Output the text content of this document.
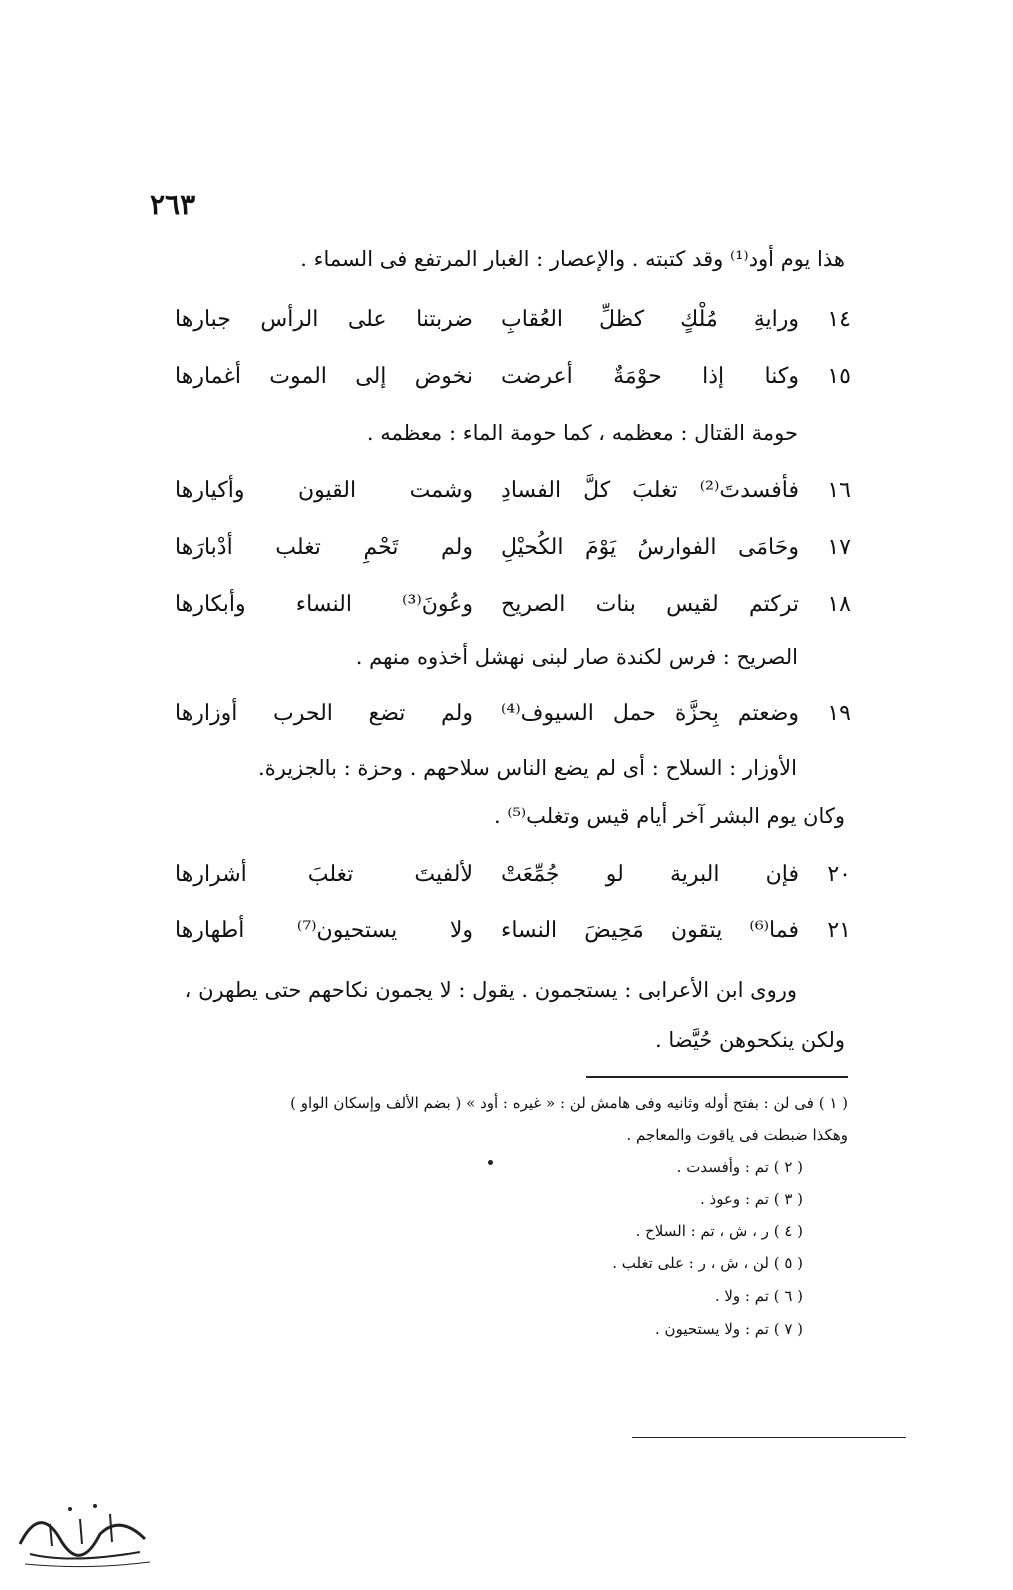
٢٦٣
هذا يوم أود⁽¹⁾ وقد كتبته . والإعصار : الغبار المرتفع فى السماء .
١٤
ورايةِ
مُلْكٍ
كظلِّ
العُقابِ
ضربتنا
على
الرأس
جبارها
١٥
وكنا
إذا
حوْمَةٌ
أعرضت
نخوض
إلى
الموت
أغمارها
حومة القتال : معظمه ، كما حومة الماء : معظمه .
١٦
فأفسدتَ⁽²⁾
تغلبَ
كلَّ
الفسادِ
وشمت
القيون
وأكيارها
١٧
وحَامَى
الفوارسُ
يَوْمَ
الكُحيْلِ
ولم
تَحْمِ
تغلب
أدْبارَها
١٨
تركتم
لقيس
بنات
الصريح
وعُونَ⁽³⁾
النساء
وأبكارها
الصريح : فرس لكندة صار لبنى نهشل أخذوه منهم .
١٩
وضعتم
بِحزَّة
حمل
السيوف⁽⁴⁾
ولم
تضع
الحرب
أوزارها
الأوزار : السلاح : أى لم يضع الناس سلاحهم . وحزة : بالجزيرة.
وكان يوم البشر آخر أيام قيس وتغلب⁽⁵⁾ .
٢٠
فإن
البرية
لو
جُمِّعَتْ
لألفيتَ
تغلبَ
أشرارها
٢١
فما⁽⁶⁾
يتقون
مَحِيضَ
النساء
ولا
يستحيون⁽⁷⁾
أطهارها
وروى ابن الأعرابى : يستجمون . يقول : لا يجمون نكاحهم حتى يطهرن ، ولكن ينكحوهن حُيَّضا .
( ١ ) فى لن : بفتح أوله وثانيه وفى هامش لن : « غيره : أود » ( بضم الألف وإسكان الواو )
وهكذا ضبطت فى ياقوت والمعاجم .
( ٢ ) تم : وأفسدت .
( ٣ ) تم : وعوذ .
( ٤ ) ر ، ش ، تم : السلاح .
( ٥ ) لن ، ش ، ر : على تغلب .
( ٦ ) تم : ولا .
( ٧ ) تم : ولا يستحيون .
